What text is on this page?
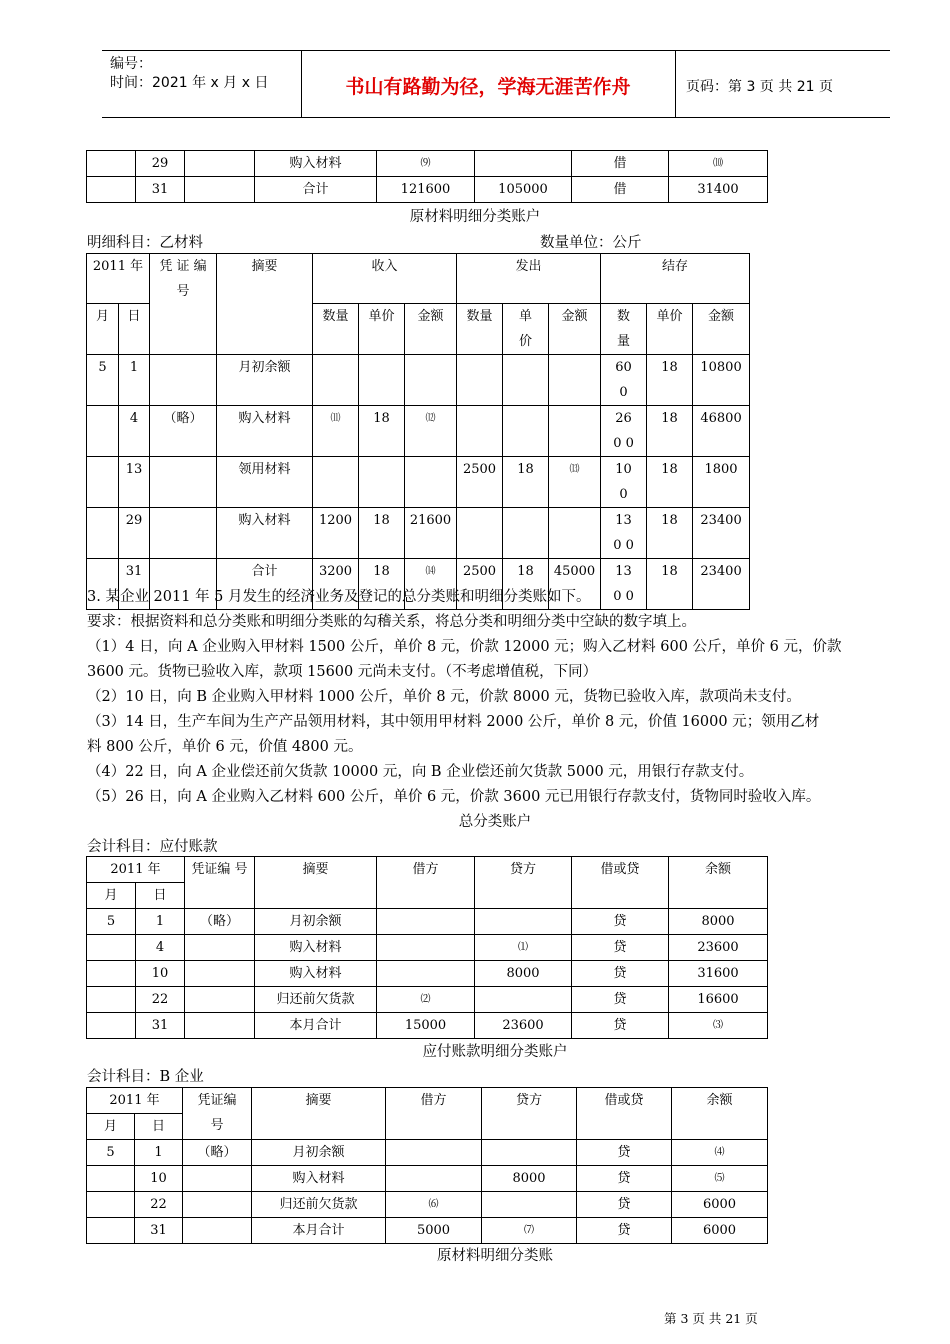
编号：
时间：2021 年 x 月 x 日	书山有路勤为径，学海无涯苦作舟	页码：第 3 页 共 21 页
	29		购入材料	⑼		借	⑽
	31		合计	121600	105000	借	31400
原材料明细分类账户
明细科目：乙材料	数量单位：公斤
2011 年		凭 证 编 号	摘要	收入			发出			结存		
月	日			数量	单价	金额	数量	单 价	金额	数 量	单价	金额
5	1		月初余额							600	18	10800
	4	（略）	购入材料	⑾	18	⑿				260 0	18	46800
	13		领用材料				2500	18	⒀	100	18	1800
	29		购入材料	1200	18	21600				130 0	18	23400
	31		合计	3200	18	⒁	2500	18	45000	130 0	18	23400
3. 某企业 2011 年 5 月发生的经济业务及登记的总分类账和明细分类账如下。
要求：根据资料和总分类账和明细分类账的勾稽关系，将总分类和明细分类中空缺的数字填上。
（1）4 日，向 A 企业购入甲材料 1500 公斤，单价 8 元，价款 12000 元；购入乙材料 600 公斤，单价 6 元，价款
3600 元。货物已验收入库，款项 15600 元尚未支付。（不考虑增值税，下同）
（2）10 日，向 B 企业购入甲材料 1000 公斤，单价 8 元，价款 8000 元，货物已验收入库，款项尚未支付。
（3）14 日，生产车间为生产产品领用材料，其中领用甲材料 2000 公斤，单价 8 元，价值 16000 元；领用乙材
料 800 公斤，单价 6 元，价值 4800 元。
（4）22 日，向 A 企业偿还前欠货款 10000 元，向 B 企业偿还前欠货款 5000 元，用银行存款支付。
（5）26 日，向 A 企业购入乙材料 600 公斤，单价 6 元，价款 3600 元已用银行存款支付，货物同时验收入库。
总分类账户
会计科目：应付账款
2011 年		凭证编 号	摘要	借方	贷方	借或贷	余额
月	日						
5	1	（略）	月初余额			贷	8000
	4		购入材料		⑴	贷	23600
	10		购入材料		8000	贷	31600
	22		归还前欠货款	⑵		贷	16600
	31		本月合计	15000	23600	贷	⑶
应付账款明细分类账户
会计科目：B 企业
2011 年		凭证编 号	摘要	借方	贷方	借或贷	余额
月	日						
5	1	（略）	月初余额			贷	⑷
	10		购入材料		8000	贷	⑸
	22		归还前欠货款	⑹		贷	6000
	31		本月合计	5000	⑺	贷	6000
原材料明细分类账
第 3 页 共 21 页
